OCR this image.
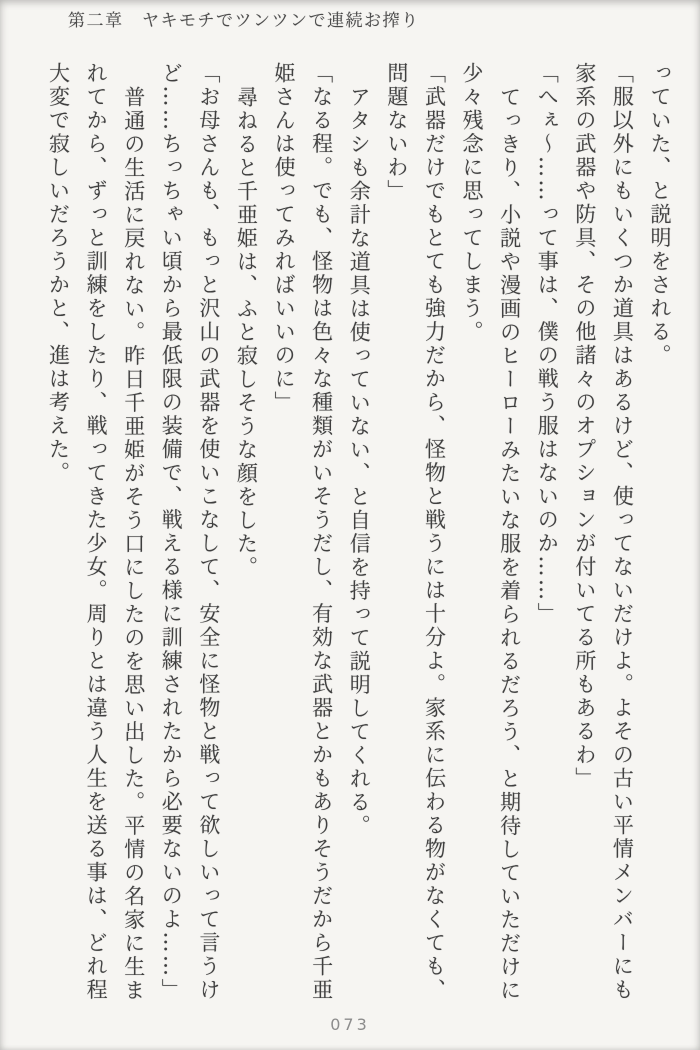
第二章　ヤキモチでツンツンで連続お搾り

っていた、と説明をされる。

「服以外にもいくつか道具はあるけど、使ってないだけよ。よその古い平情メンバーにも家系の武器や防具、その他諸々のオプションが付いてる所もあるわ」

「へぇ～……って事は、僕の戦う服はないのか……」

てっきり、小説や漫画のヒーローみたいな服を着られるだろう、と期待していただけに少々残念に思ってしまう。

「武器だけでもとても強力だから、怪物と戦うには十分よ。家系に伝わる物がなくても、問題ないわ」

アタシも余計な道具は使っていない、と自信を持って説明してくれる。

「なる程。でも、怪物は色々な種類がいそうだし、有効な武器とかもありそうだから千亜姫さんは使ってみればいいのに」

尋ねると千亜姫は、ふと寂しそうな顔をした。

「お母さんも、もっと沢山の武器を使いこなして、安全に怪物と戦って欲しいって言うけど……ちっちゃい頃から最低限の装備で、戦える様に訓練されたから必要ないのよ……」

普通の生活に戻れない。昨日千亜姫がそう口にしたのを思い出した。平情の名家に生まれてから、ずっと訓練をしたり、戦ってきた少女。周りとは違う人生を送る事は、どれ程大変で寂しいだろうかと、進は考えた。

073
